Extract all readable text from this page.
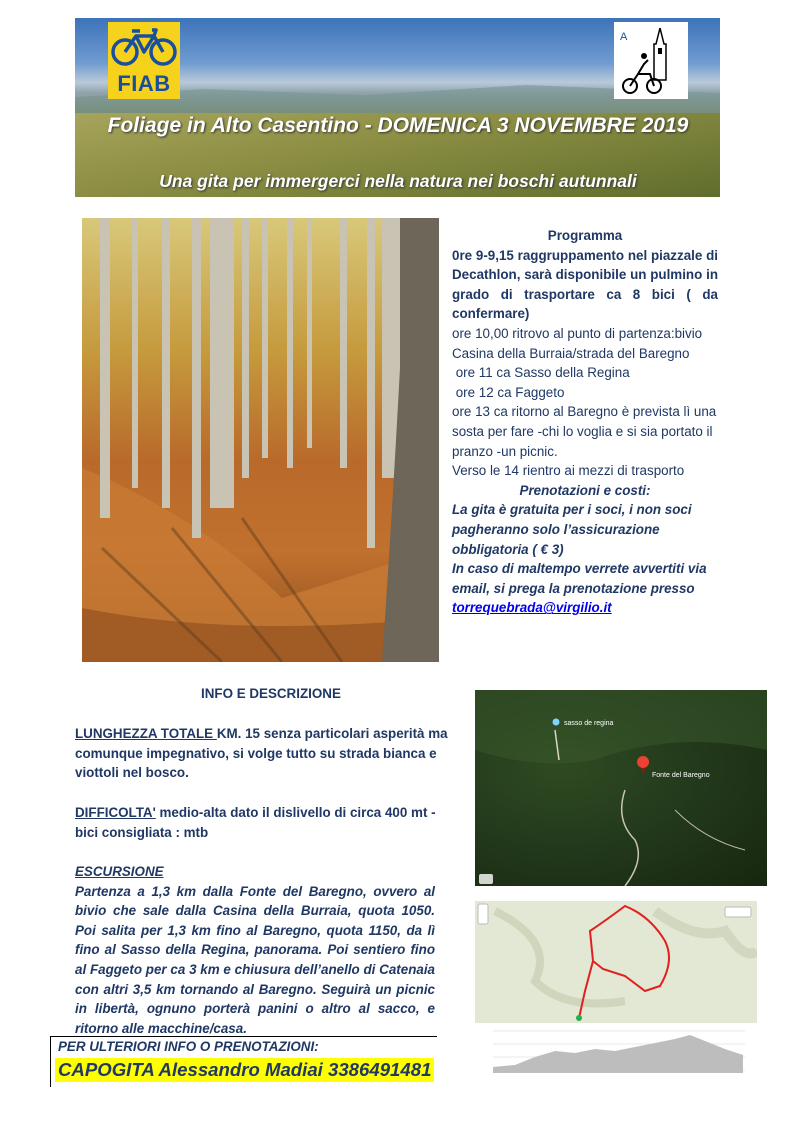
FIAB
A
Foliage in Alto Casentino - DOMENICA 3 NOVEMBRE 2019
Una gita per immergerci nella natura nei boschi autunnali
Programma
0re 9-9,15 raggruppamento nel piazzale di Decathlon, sarà disponibile un pulmino in grado di trasportare ca 8 bici ( da confermare)
ore 10,00 ritrovo al punto di partenza:bivio Casina della Burraia/strada del Baregno
ore 11 ca Sasso della Regina
ore 12 ca Faggeto
ore 13 ca ritorno al Baregno è prevista lì una sosta per fare -chi lo voglia e si sia portato il pranzo -un picnic.
Verso le 14 rientro ai mezzi di trasporto
Prenotazioni e costi:
La gita è gratuita per i soci, i non soci pagheranno solo l’assicurazione obbligatoria ( € 3)
In caso di maltempo verrete avvertiti via email, si prega la prenotazione presso torrequebrada@virgilio.it
INFO E DESCRIZIONE
LUNGHEZZA TOTALE KM. 15 senza particolari asperità ma comunque impegnativo, si volge tutto su strada bianca e viottoli nel bosco.
DIFFICOLTA' medio-alta dato il dislivello di circa 400 mt - bici consigliata : mtb
ESCURSIONE
Partenza a 1,3 km dalla Fonte del Baregno, ovvero al bivio che sale dalla Casina della Burraia, quota 1050. Poi salita per 1,3 km fino al Baregno, quota 1150, da lì fino al Sasso della Regina, panorama. Poi sentiero fino al Faggeto per ca 3 km e chiusura dell’anello di Catenaia con altri 3,5 km tornando al Baregno. Seguirà un picnic in libertà, ognuno porterà panini o altro al sacco, e ritorno alle macchine/casa.
sasso de regina
Fonte del Baregno
PER ULTERIORI INFO O PRENOTAZIONI:
CAPOGITA Alessandro Madiai 3386491481
